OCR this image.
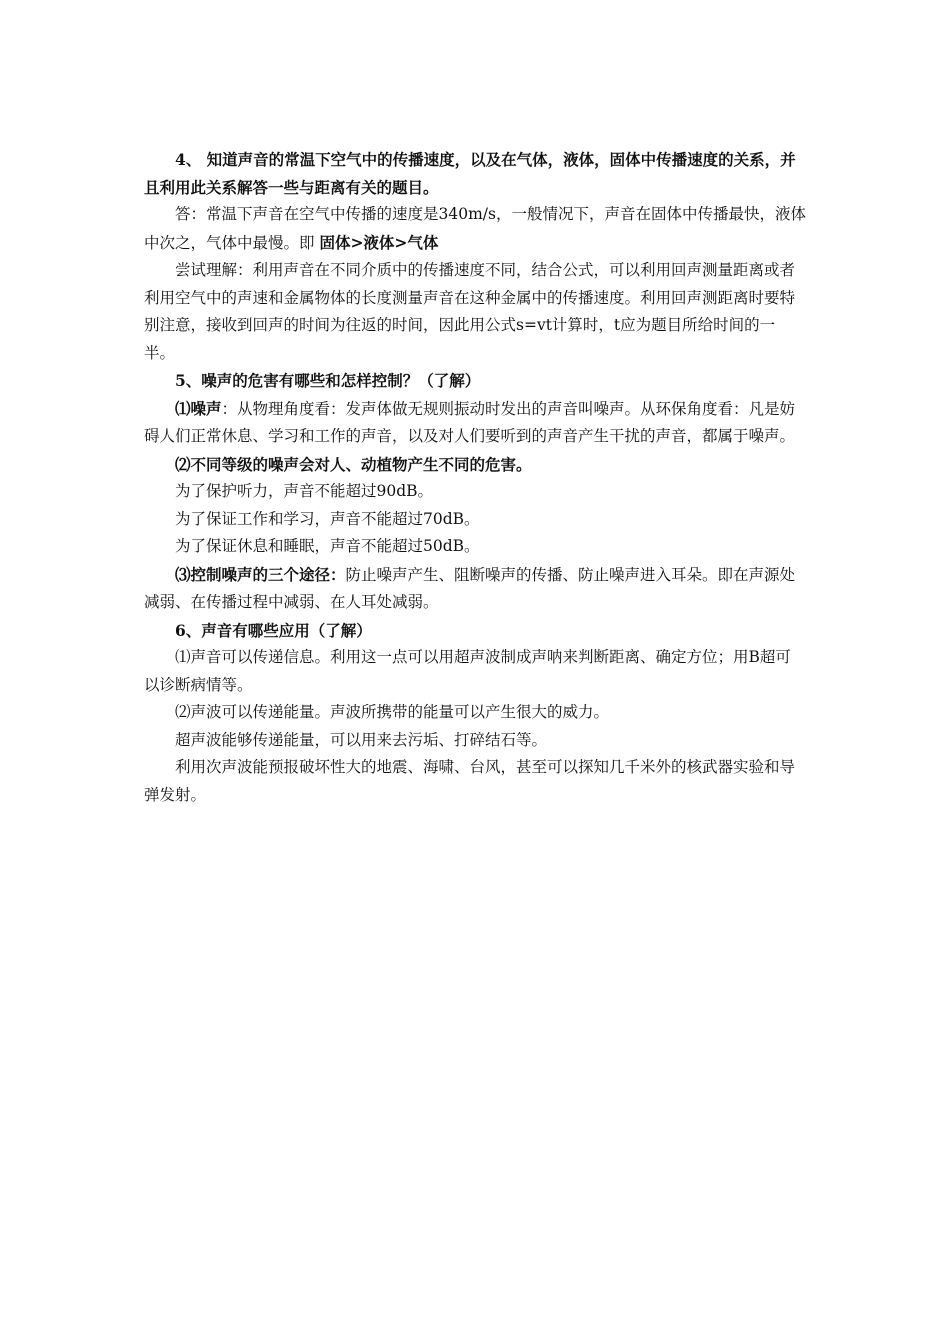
4、 知道声音的常温下空气中的传播速度，以及在气体，液体，固体中传播速度的关系，并且利用此关系解答一些与距离有关的题目。

答：常温下声音在空气中传播的速度是340m/s，一般情况下，声音在固体中传播最快，液体中次之，气体中最慢。即 固体>液体>气体

尝试理解：利用声音在不同介质中的传播速度不同，结合公式，可以利用回声测量距离或者利用空气中的声速和金属物体的长度测量声音在这种金属中的传播速度。利用回声测距离时要特别注意，接收到回声的时间为往返的时间，因此用公式s=vt计算时，t应为题目所给时间的一半。

5、噪声的危害有哪些和怎样控制？（了解）

⑴噪声：从物理角度看：发声体做无规则振动时发出的声音叫噪声。从环保角度看：凡是妨碍人们正常休息、学习和工作的声音，以及对人们要听到的声音产生干扰的声音，都属于噪声。

⑵不同等级的噪声会对人、动植物产生不同的危害。

为了保护听力，声音不能超过90dB。

为了保证工作和学习，声音不能超过70dB。

为了保证休息和睡眠，声音不能超过50dB。

⑶控制噪声的三个途径：防止噪声产生、阻断噪声的传播、防止噪声进入耳朵。即在声源处减弱、在传播过程中减弱、在人耳处减弱。

6、声音有哪些应用（了解）

⑴声音可以传递信息。利用这一点可以用超声波制成声呐来判断距离、确定方位；用B超可以诊断病情等。

⑵声波可以传递能量。声波所携带的能量可以产生很大的威力。

超声波能够传递能量，可以用来去污垢、打碎结石等。

利用次声波能预报破坏性大的地震、海啸、台风，甚至可以探知几千米外的核武器实验和导弹发射。
